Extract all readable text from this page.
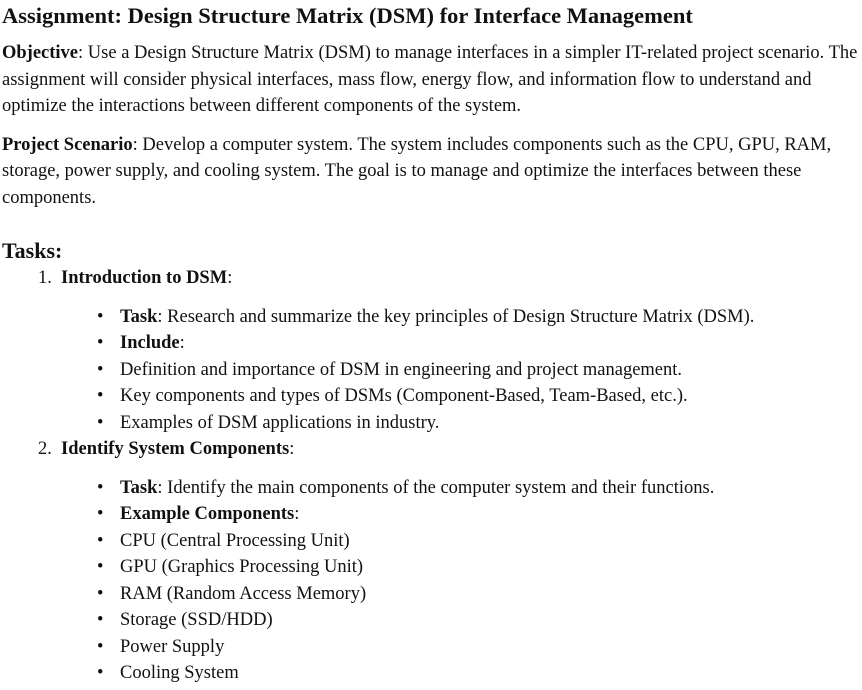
Assignment: Design Structure Matrix (DSM) for Interface Management

Objective: Use a Design Structure Matrix (DSM) to manage interfaces in a simpler IT-related project scenario. The assignment will consider physical interfaces, mass flow, energy flow, and information flow to understand and optimize the interactions between different components of the system.

Project Scenario: Develop a computer system. The system includes components such as the CPU, GPU, RAM, storage, power supply, and cooling system. The goal is to manage and optimize the interfaces between these components.

Tasks:
1. Introduction to DSM:
• Task: Research and summarize the key principles of Design Structure Matrix (DSM).
• Include:
• Definition and importance of DSM in engineering and project management.
• Key components and types of DSMs (Component-Based, Team-Based, etc.).
• Examples of DSM applications in industry.
2. Identify System Components:
• Task: Identify the main components of the computer system and their functions.
• Example Components:
• CPU (Central Processing Unit)
• GPU (Graphics Processing Unit)
• RAM (Random Access Memory)
• Storage (SSD/HDD)
• Power Supply
• Cooling System
